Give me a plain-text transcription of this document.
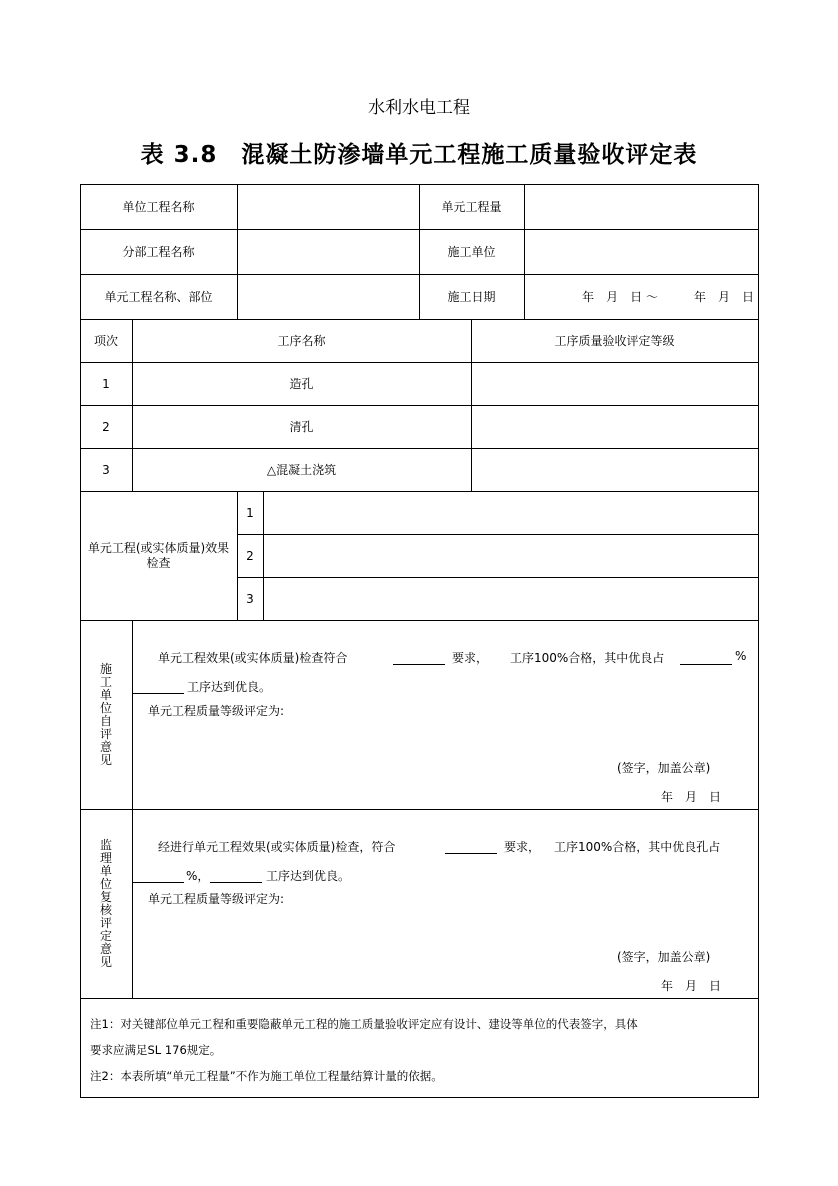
水利水电工程
表 3.8　混凝土防渗墙单元工程施工质量验收评定表
单位工程名称	单元工程量
分部工程名称	施工单位
单元工程名称、部位	施工日期	年　月　日 ～　　　年　月　日
项次	工序名称	工序质量验收评定等级
1	造孔
2	清孔
3	△混凝土浇筑
单元工程(或实体质量)效果检查
1
2
3
施工单位自评意见
单元工程效果(或实体质量)检查符合	要求， 工序100%合格，其中优良占	%
工序达到优良。
单元工程质量等级评定为:
(签字，加盖公章)
年　月　日
监理单位复核评定意见
经进行单元工程效果(或实体质量)检查，符合	要求， 工序100%合格，其中优良孔占
%，	工序达到优良。
单元工程质量等级评定为:
(签字，加盖公章)
年　月　日
注1：对关键部位单元工程和重要隐蔽单元工程的施工质量验收评定应有设计、建设等单位的代表签字，具体
要求应满足SL 176规定。
注2：本表所填“单元工程量”不作为施工单位工程量结算计量的依据。
